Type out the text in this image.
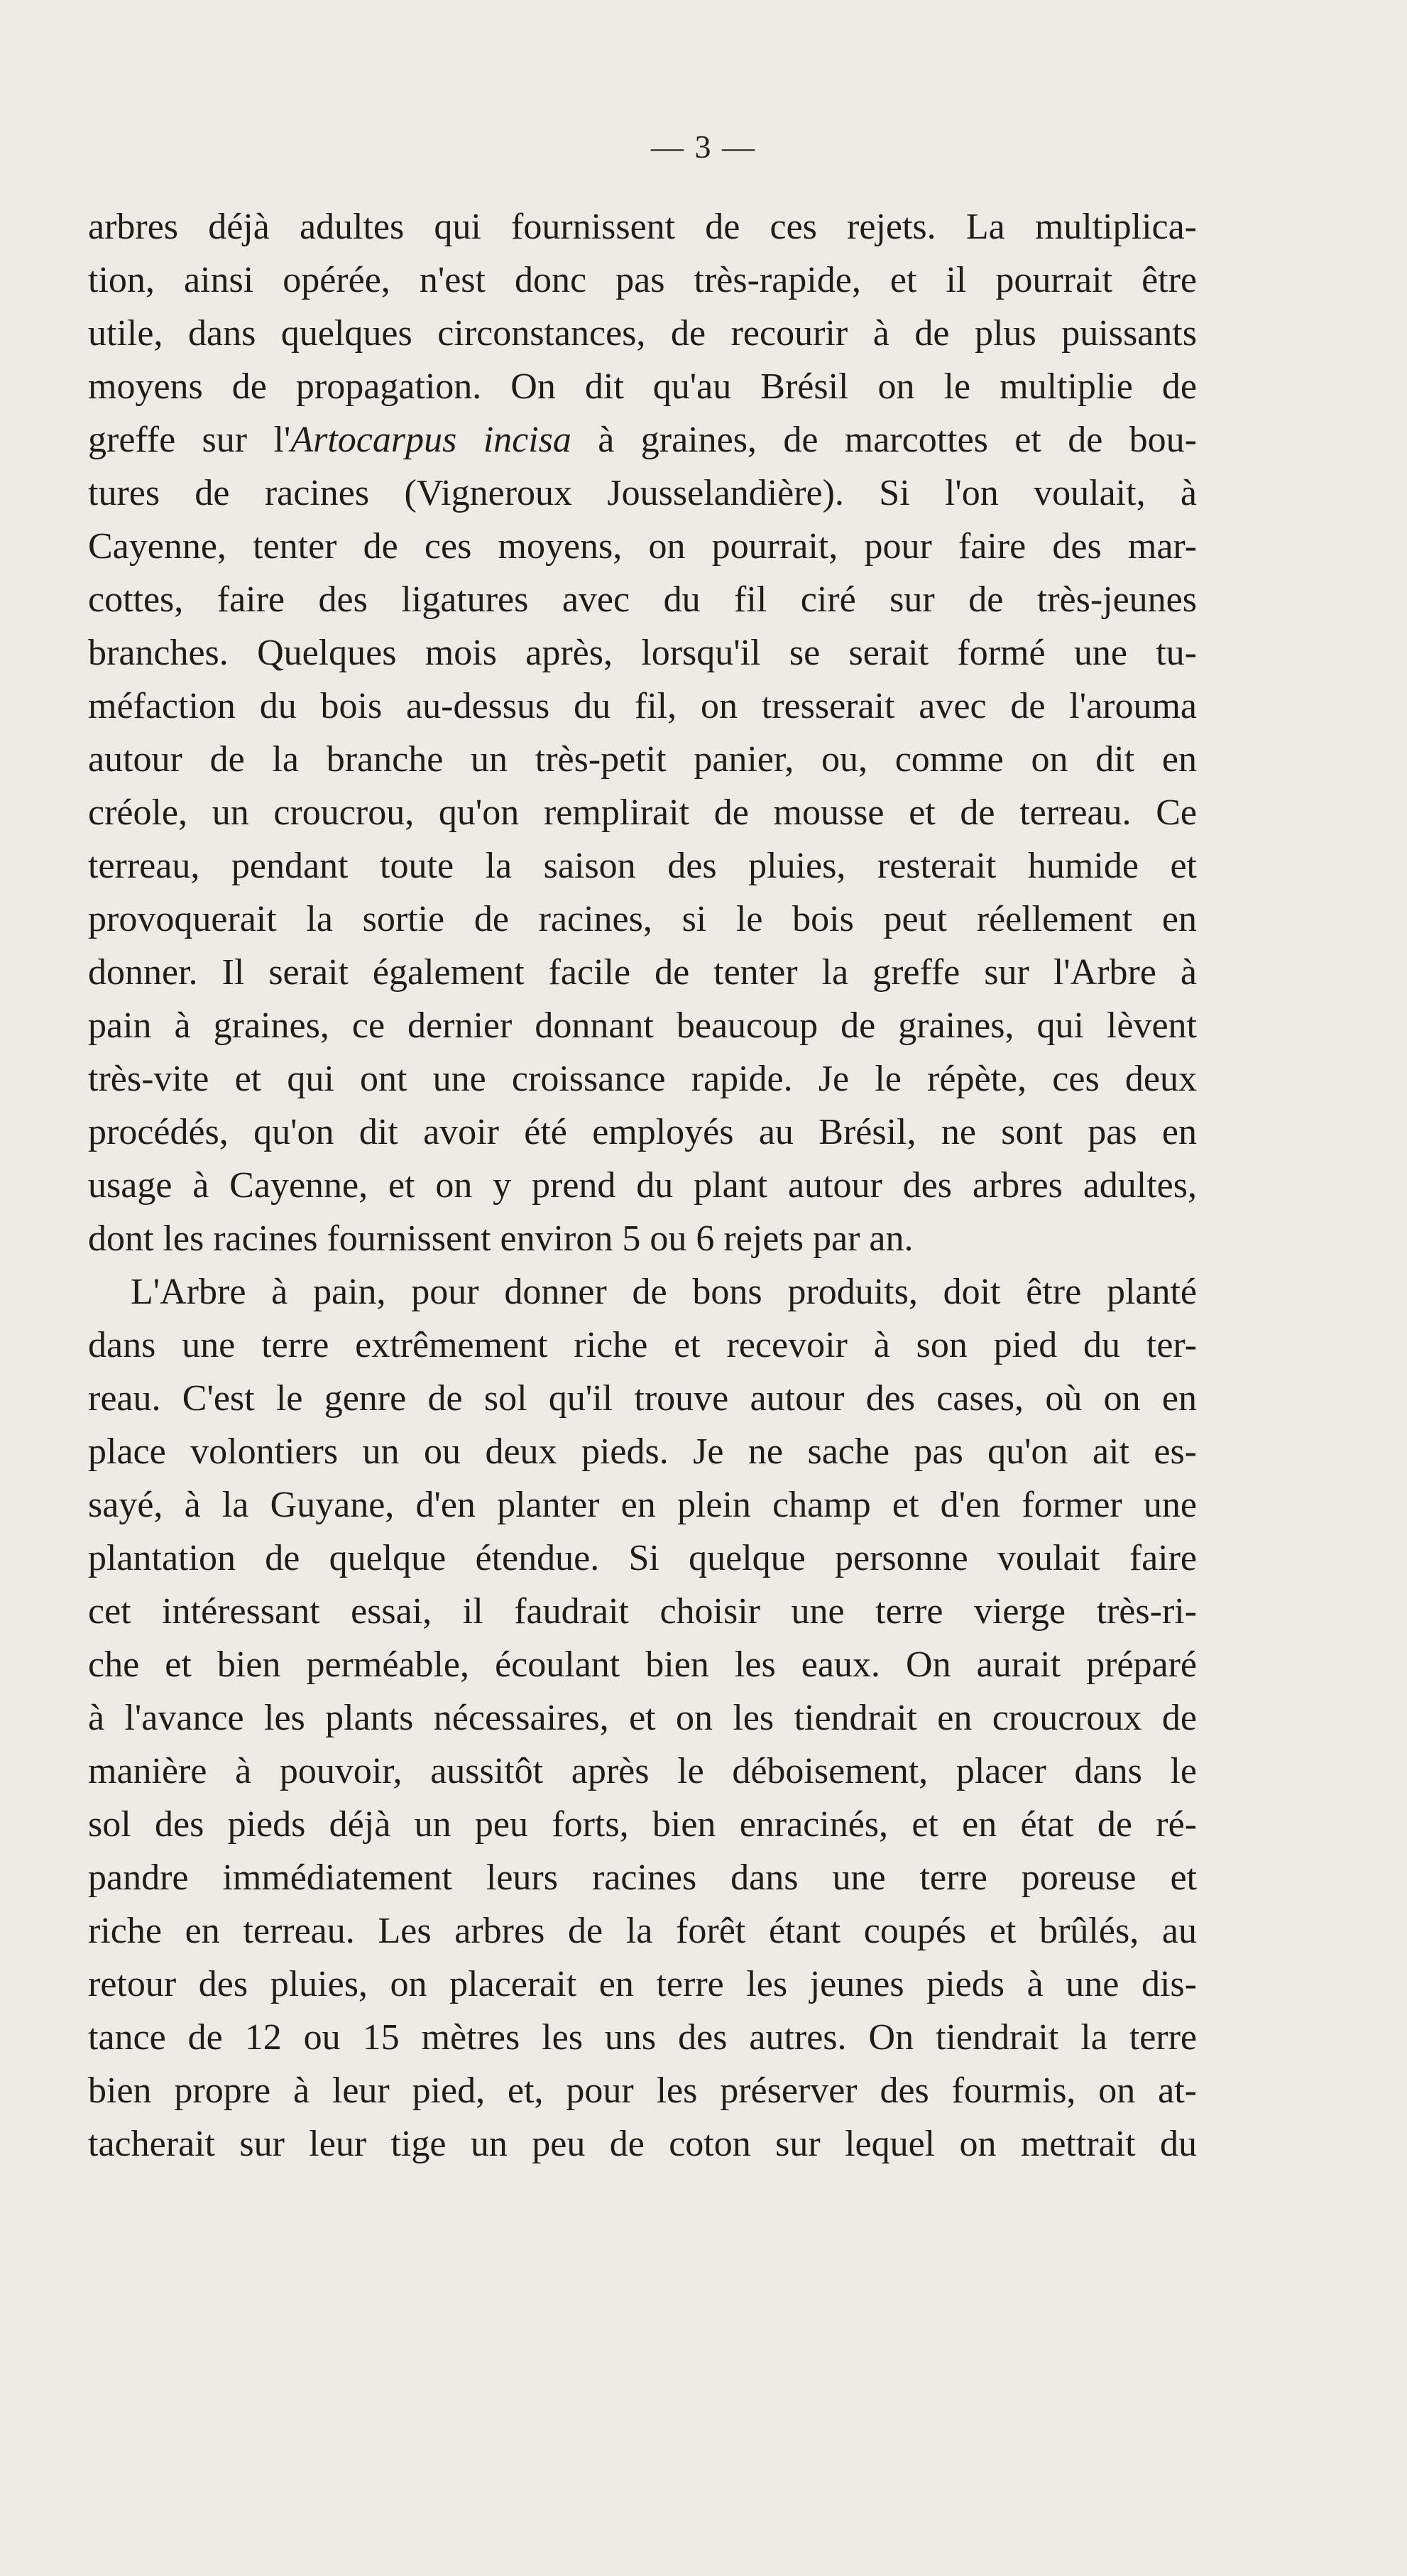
— 3 —
arbres déjà adultes qui fournissent de ces rejets. La multiplica-
tion, ainsi opérée, n'est donc pas très-rapide, et il pourrait être
utile, dans quelques circonstances, de recourir à de plus puissants
moyens de propagation. On dit qu'au Brésil on le multiplie de
greffe sur l'Artocarpus incisa à graines, de marcottes et de bou-
tures de racines (Vigneroux Jousselandière). Si l'on voulait, à
Cayenne, tenter de ces moyens, on pourrait, pour faire des mar-
cottes, faire des ligatures avec du fil ciré sur de très-jeunes
branches. Quelques mois après, lorsqu'il se serait formé une tu-
méfaction du bois au-dessus du fil, on tresserait avec de l'arouma
autour de la branche un très-petit panier, ou, comme on dit en
créole, un croucrou, qu'on remplirait de mousse et de terreau. Ce
terreau, pendant toute la saison des pluies, resterait humide et
provoquerait la sortie de racines, si le bois peut réellement en
donner. Il serait également facile de tenter la greffe sur l'Arbre à
pain à graines, ce dernier donnant beaucoup de graines, qui lèvent
très-vite et qui ont une croissance rapide. Je le répète, ces deux
procédés, qu'on dit avoir été employés au Brésil, ne sont pas en
usage à Cayenne, et on y prend du plant autour des arbres adultes,
dont les racines fournissent environ 5 ou 6 rejets par an.
L'Arbre à pain, pour donner de bons produits, doit être planté
dans une terre extrêmement riche et recevoir à son pied du ter-
reau. C'est le genre de sol qu'il trouve autour des cases, où on en
place volontiers un ou deux pieds. Je ne sache pas qu'on ait es-
sayé, à la Guyane, d'en planter en plein champ et d'en former une
plantation de quelque étendue. Si quelque personne voulait faire
cet intéressant essai, il faudrait choisir une terre vierge très-ri-
che et bien perméable, écoulant bien les eaux. On aurait préparé
à l'avance les plants nécessaires, et on les tiendrait en croucroux de
manière à pouvoir, aussitôt après le déboisement, placer dans le
sol des pieds déjà un peu forts, bien enracinés, et en état de ré-
pandre immédiatement leurs racines dans une terre poreuse et
riche en terreau. Les arbres de la forêt étant coupés et brûlés, au
retour des pluies, on placerait en terre les jeunes pieds à une dis-
tance de 12 ou 15 mètres les uns des autres. On tiendrait la terre
bien propre à leur pied, et, pour les préserver des fourmis, on at-
tacherait sur leur tige un peu de coton sur lequel on mettrait du
